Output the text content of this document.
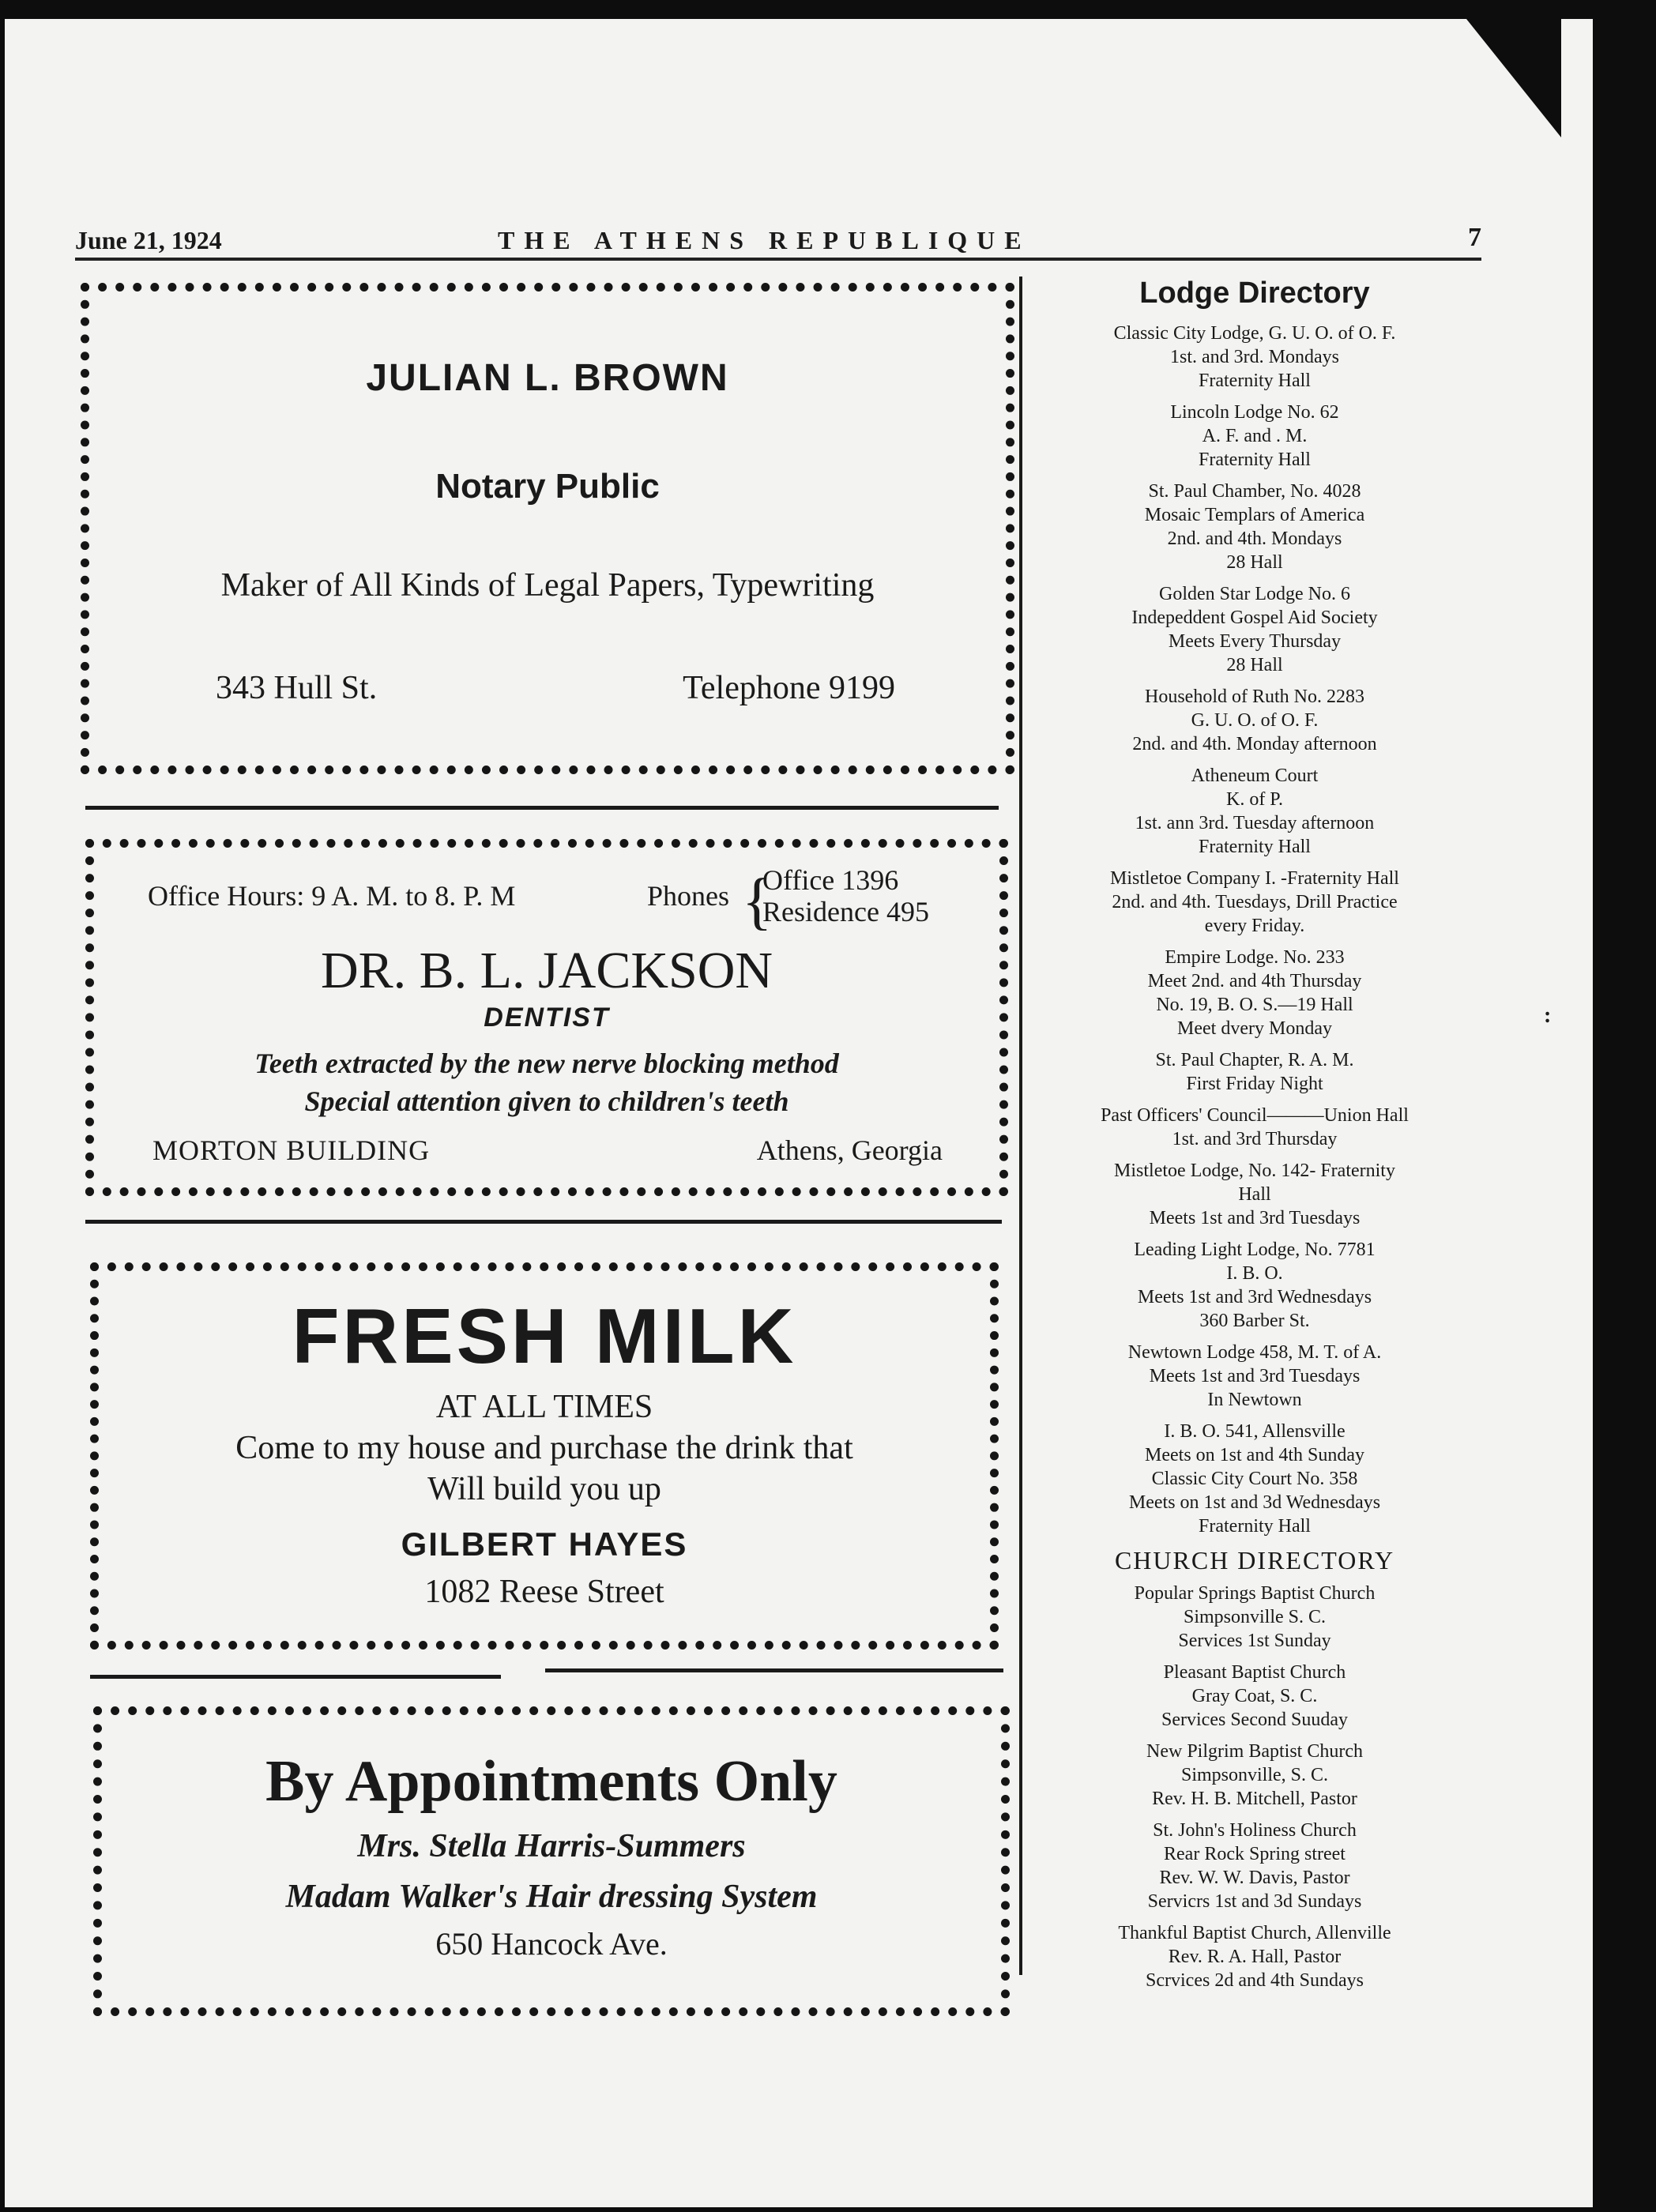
June 21, 1924	THE ATHENS REPUBLIQUE	7
JULIAN L. BROWN
Notary Public
Maker of All Kinds of Legal Papers, Typewriting
343 Hull St.	Telephone 9199
Office Hours: 9 A. M. to 8. P. M	Phones {
Office 1396
Residence 495
DR. B. L. JACKSON
DENTIST
Teeth extracted by the new nerve blocking method
Special attention given to children's teeth
MORTON BUILDING	Athens, Georgia
FRESH MILK
AT ALL TIMES
Come to my house and purchase the drink that
Will build you up
GILBERT HAYES
1082 Reese Street
By Appointments Only
Mrs. Stella Harris-Summers
Madam Walker's Hair dressing System
650 Hancock Ave.
Lodge Directory
Classic City Lodge, G. U. O. of O. F.
1st. and 3rd. Mondays
Fraternity Hall
Lincoln Lodge No. 62
A. F. and . M.
Fraternity Hall
St. Paul Chamber, No. 4028
Mosaic Templars of America
2nd. and 4th. Mondays
28 Hall
Golden Star Lodge No. 6
Indepeddent Gospel Aid Society
Meets Every Thursday
28 Hall
Household of Ruth No. 2283
G. U. O. of O. F.
2nd. and 4th. Monday afternoon
Atheneum Court
K. of P.
1st. ann 3rd. Tuesday afternoon
Fraternity Hall
Mistletoe Company I. -Fraternity Hall
2nd. and 4th. Tuesdays, Drill Practice
every Friday.
Empire Lodge. No. 233
Meet 2nd. and 4th Thursday
No. 19, B. O. S.—19 Hall
Meet dvery Monday
St. Paul Chapter, R. A. M.
First Friday Night
Past Officers' Council———Union Hall
1st. and 3rd Thursday
Mistletoe Lodge, No. 142- Fraternity
Hall
Meets 1st and 3rd Tuesdays
Leading Light Lodge, No. 7781
I. B. O.
Meets 1st and 3rd Wednesdays
360 Barber St.
Newtown Lodge 458, M. T. of A.
Meets 1st and 3rd Tuesdays
In Newtown
I. B. O. 541, Allensville
Meets on 1st and 4th Sunday
Classic City Court No. 358
Meets on 1st and 3d Wednesdays
Fraternity Hall
CHURCH DIRECTORY
Popular Springs Baptist Church
Simpsonville S. C.
Services 1st Sunday
Pleasant Baptist Church
Gray Coat, S. C.
Services Second Suuday
New Pilgrim Baptist Church
Simpsonville, S. C.
Rev. H. B. Mitchell, Pastor
St. John's Holiness Church
Rear Rock Spring street
Rev. W. W. Davis, Pastor
Servicrs 1st and 3d Sundays
Thankful Baptist Church, Allenville
Rev. R. A. Hall, Pastor
Scrvices 2d and 4th Sundays
:
